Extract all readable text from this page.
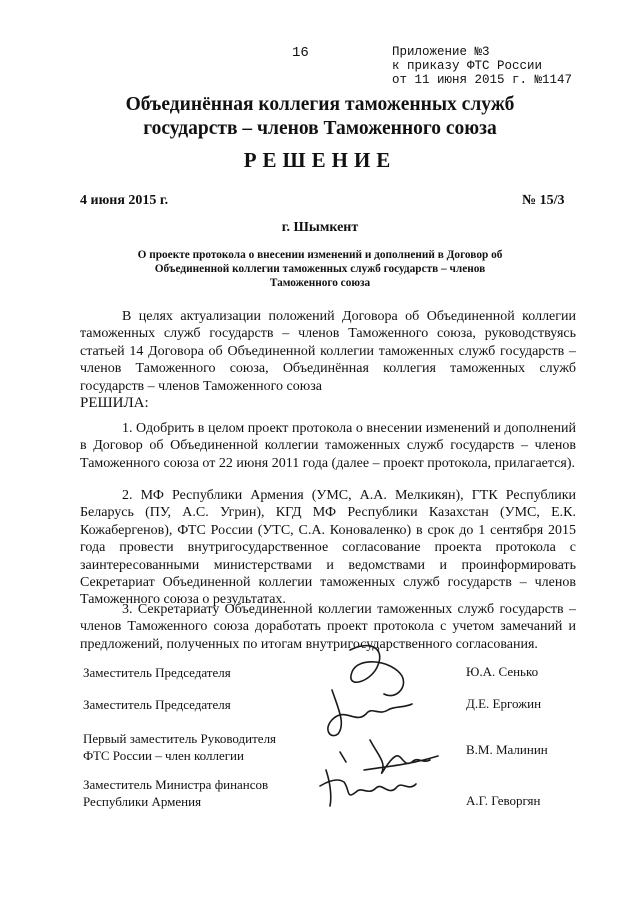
16	Приложение №3
к приказу ФТС России
от 11 июня 2015 г. №1147
Объединённая коллегия таможенных служб
государств – членов Таможенного союза
РЕШЕНИЕ
4 июня 2015 г.	№ 15/3
г. Шымкент
О проекте протокола о внесении изменений и дополнений в Договор об
Объединенной коллегии таможенных служб государств – членов
Таможенного союза
В целях актуализации положений Договора об Объединенной коллегии таможенных служб государств – членов Таможенного союза, руководствуясь статьей 14 Договора об Объединенной коллегии таможенных служб государств – членов Таможенного союза, Объединённая коллегия таможенных служб государств – членов Таможенного союза
РЕШИЛА:
1. Одобрить в целом проект протокола о внесении изменений и дополнений в Договор об Объединенной коллегии таможенных служб государств – членов Таможенного союза от 22 июня 2011 года (далее – проект протокола, прилагается).
2. МФ Республики Армения (УМС, А.А. Мелкикян), ГТК Республики Беларусь (ПУ, А.С. Угрин), КГД МФ Республики Казахстан (УМС, Е.К. Кожабергенов), ФТС России (УТС, С.А. Коноваленко) в срок до 1 сентября 2015 года провести внутригосударственное согласование проекта протокола с заинтересованными министерствами и ведомствами и проинформировать Секретариат Объединенной коллегии таможенных служб государств – членов Таможенного союза о результатах.
3. Секретариату Объединенной коллегии таможенных служб государств – членов Таможенного союза доработать проект протокола с учетом замечаний и предложений, полученных по итогам внутригосударственного согласования.
Заместитель Председателя	Ю.А. Сенько
Заместитель Председателя	Д.Е. Ергожин
Первый заместитель Руководителя
ФТС России – член коллегии	В.М. Малинин
Заместитель Министра финансов
Республики Армения	А.Г. Геворгян
